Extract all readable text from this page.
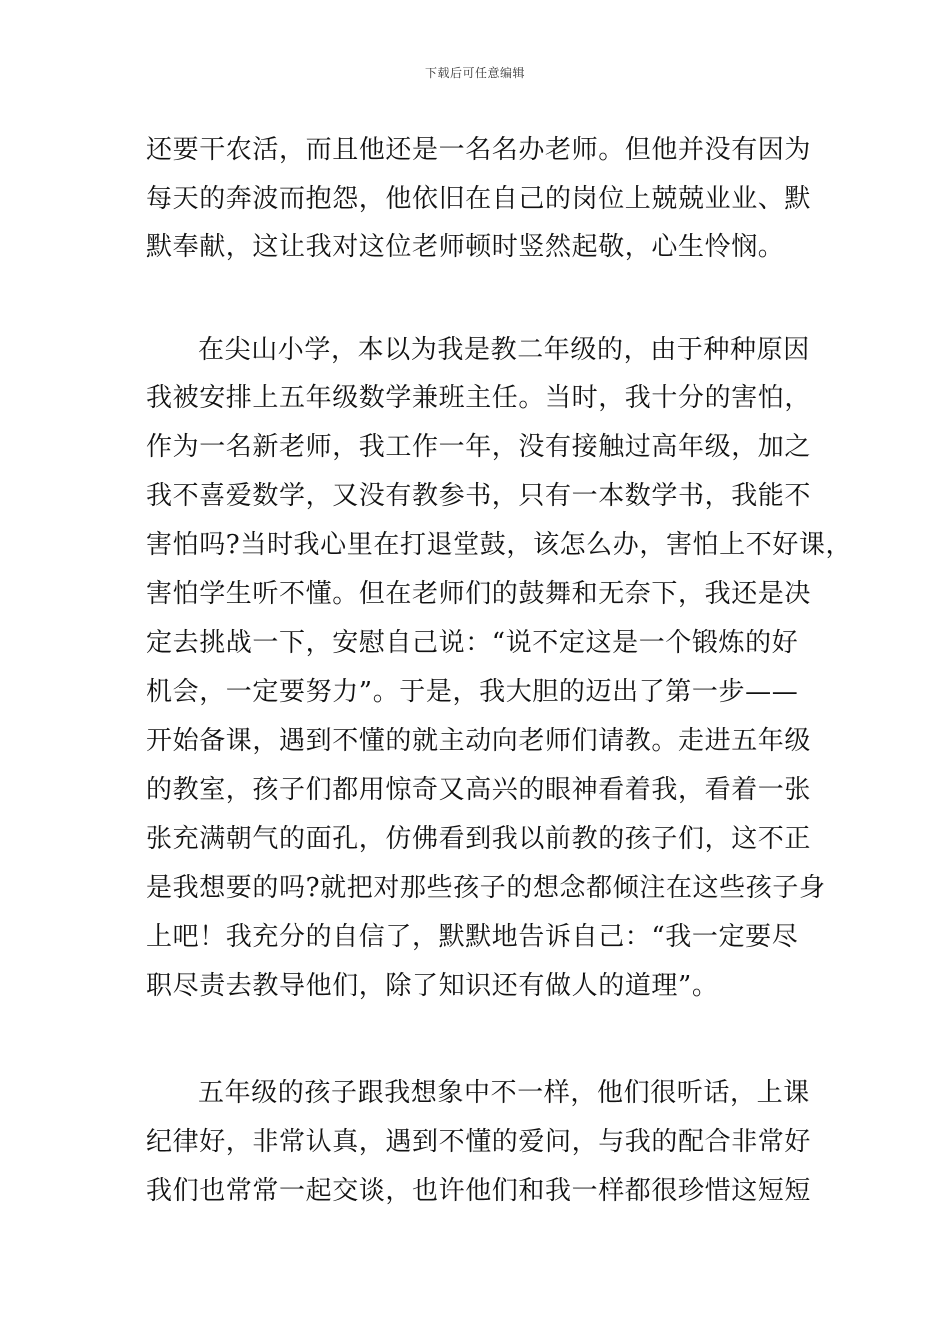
下载后可任意编辑
还要干农活，而且他还是一名名办老师。但他并没有因为
每天的奔波而抱怨，他依旧在自己的岗位上兢兢业业、默
默奉献，这让我对这位老师顿时竖然起敬，心生怜悯。
在尖山小学，本以为我是教二年级的，由于种种原因
我被安排上五年级数学兼班主任。当时，我十分的害怕，
作为一名新老师，我工作一年，没有接触过高年级，加之
我不喜爱数学，又没有教参书，只有一本数学书，我能不
害怕吗?当时我心里在打退堂鼓，该怎么办，害怕上不好课，
害怕学生听不懂。但在老师们的鼓舞和无奈下，我还是决
定去挑战一下，安慰自己说：“说不定这是一个锻炼的好
机会，一定要努力”。于是，我大胆的迈出了第一步——
开始备课，遇到不懂的就主动向老师们请教。走进五年级
的教室，孩子们都用惊奇又高兴的眼神看着我，看着一张
张充满朝气的面孔，仿佛看到我以前教的孩子们，这不正
是我想要的吗?就把对那些孩子的想念都倾注在这些孩子身
上吧！我充分的自信了，默默地告诉自己：“我一定要尽
职尽责去教导他们，除了知识还有做人的道理”。
五年级的孩子跟我想象中不一样，他们很听话，上课
纪律好，非常认真，遇到不懂的爱问，与我的配合非常好
我们也常常一起交谈，也许他们和我一样都很珍惜这短短
